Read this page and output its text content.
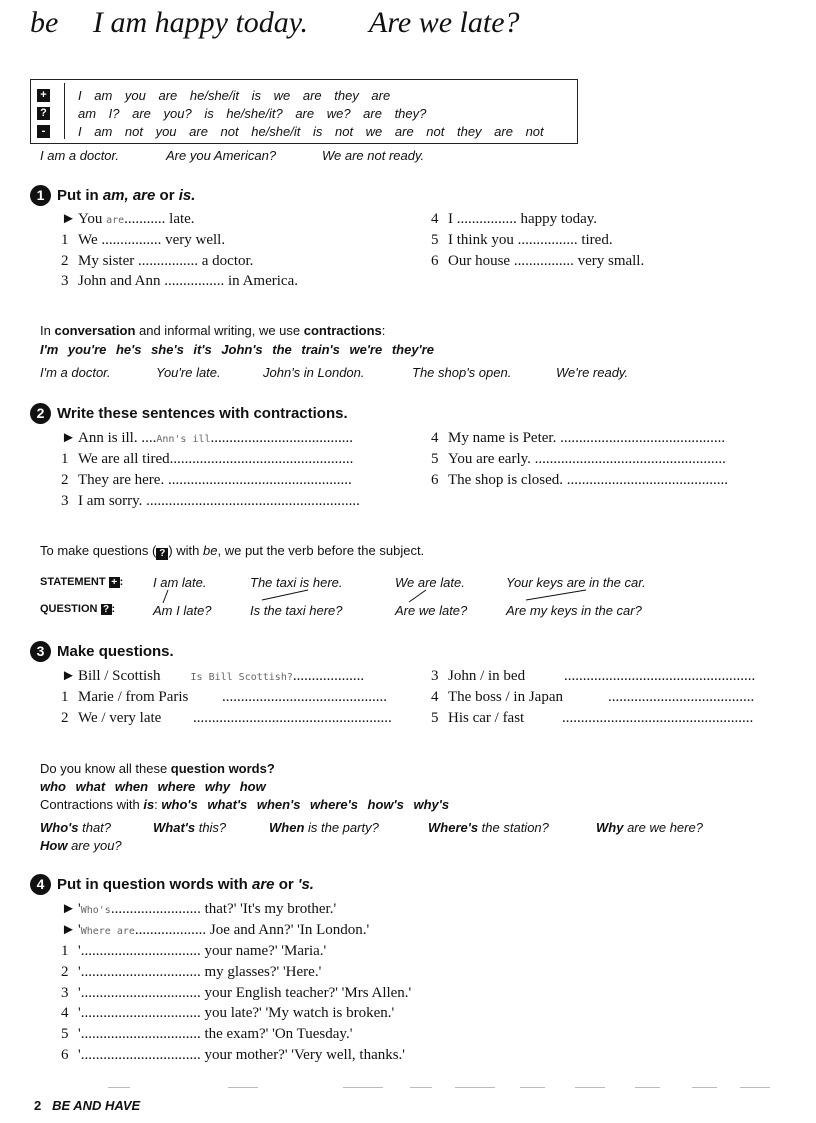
be I am happy today. Are we late?
+
?
-
I am you are he/she/it is we are they are
am I? are you? is he/she/it? are we? are they?
I am not you are not he/she/it is not we are not they are not
I am a doctor.	Are you American?	We are not ready.
1 Put in am, are or is.
► You are........... late.
1 We ................ very well.
2 My sister ................ a doctor.
3 John and Ann ................ in America.
4 I ................ happy today.
5 I think you ................ tired.
6 Our house ................ very small.
In conversation and informal writing, we use contractions:
I'm you're he's she's it's John's the train's we're they're
I'm a doctor.	You're late.	John's in London.	The shop's open.	We're ready.
2 Write these sentences with contractions.
► Ann is ill. ....Ann's ill......................................
1 We are all tired.................................................
2 They are here. .................................................
3 I am sorry. .........................................................
4 My name is Peter. ............................................
5 You are early. ...................................................
6 The shop is closed. ...........................................
To make questions ( ? ) with be, we put the verb before the subject.
STATEMENT + :
QUESTION ? :
I am late.	The taxi is here.	We are late.	Your keys are in the car.
Am I late?	Is the taxi here?	Are we late?	Are my keys in the car?
3 Make questions.
► Bill / Scottish	Is Bill Scottish?...................
1 Marie / from Paris ............................................
2 We / very late .....................................................
3 John / in bed	...................................................
4 The boss / in Japan	.......................................
5 His car / fast	...................................................
Do you know all these question words?
who what when where why how
Contractions with is: who's what's when's where's how's why's
Who's that?	What's this?	When is the party?	Where's the station?	Why are we here?
How are you?
4 Put in question words with are or 's.
► 'Who's........................ that?' 'It's my brother.'
► 'Where are................... Joe and Ann?' 'In London.'
1 '................................ your name?' 'Maria.'
2 '................................ my glasses?' 'Here.'
3 '................................ your English teacher?' 'Mrs Allen.'
4 '................................ you late?' 'My watch is broken.'
5 '................................ the exam?' 'On Tuesday.'
6 '................................ your mother?' 'Very well, thanks.'
2 BE AND HAVE
